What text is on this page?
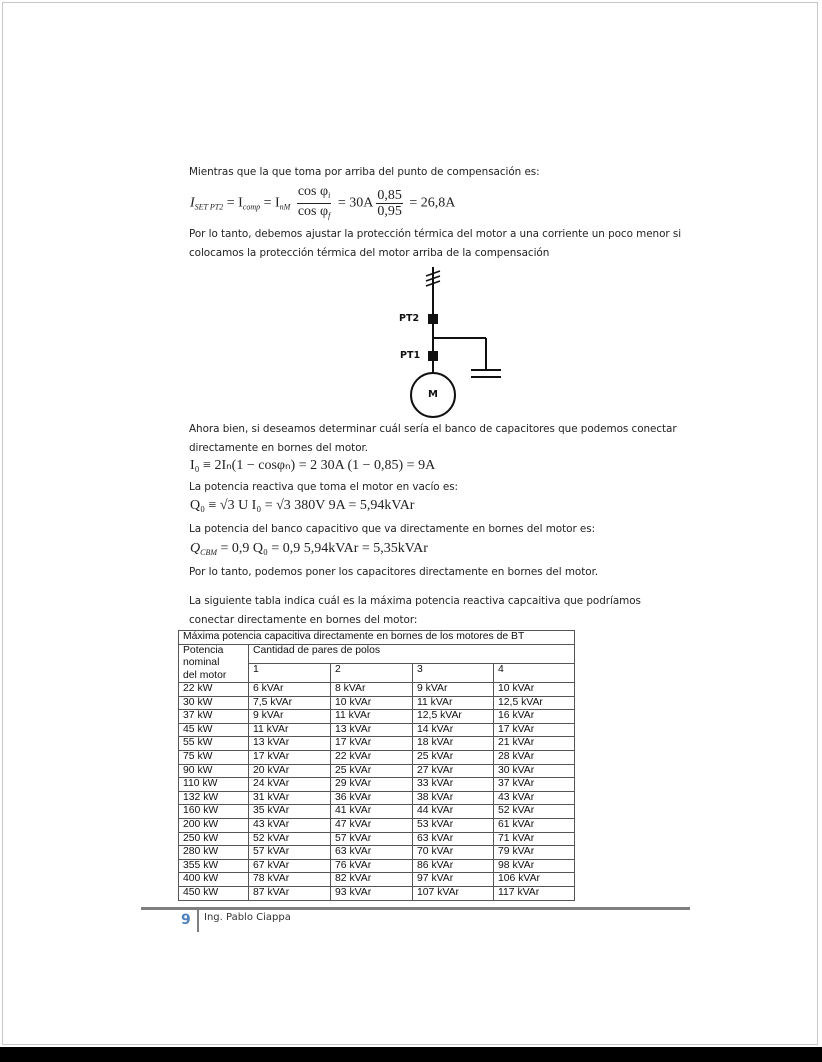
Mientras que la que toma por arriba del punto de compensación es:
$I_{SET PT2} = I_{comp} = I_{nM} \frac{\cos \varphi_i}{\cos \varphi_f} = 30A \frac{0,85}{0,95} = 26,8A$
Por lo tanto, debemos ajustar la protección térmica del motor a una corriente un poco menor si colocamos la protección térmica del motor arriba de la compensación
PT2
PT1
M
Ahora bien, si deseamos determinar cuál sería el banco de capacitores que podemos conectar directamente en bornes del motor.
I₀ ≡ 2Iₙ(1 − cosφₙ) = 2 30A (1 − 0,85) = 9A
La potencia reactiva que toma el motor en vacío es:
Q₀ ≡ √3 U I₀ = √3 380V 9A = 5,94kVAr
La potencia del banco capacitivo que va directamente en bornes del motor es:
$Q_{CBM} = 0,9$ Q₀ = 0,9 5,94kVAr = 5,35kVAr
Por lo tanto, podemos poner los capacitores directamente en bornes del motor.
La siguiente tabla indica cuál es la máxima potencia reactiva capcaitiva que podríamos conectar directamente en bornes del motor:
Máxima potencia capacitiva directamente en bornes de los motores de BT				

Potencia
nominal
del motor	Cantidad de pares de polos			
	1	2	3	4
22 kW	6 kVAr	8 kVAr	9 kVAr	10 kVAr
30 kW	7,5 kVAr	10 kVAr	11 kVAr	12,5 kVAr
37 kW	9 kVAr	11 kVAr	12,5 kVAr	16 kVAr
45 kW	11 kVAr	13 kVAr	14 kVAr	17 kVAr
55 kW	13 kVAr	17 kVAr	18 kVAr	21 kVAr
75 kW	17 kVAr	22 kVAr	25 kVAr	28 kVAr
90 kW	20 kVAr	25 kVAr	27 kVAr	30 kVAr
110 kW	24 kVAr	29 kVAr	33 kVAr	37 kVAr
132 kW	31 kVAr	36 kVAr	38 kVAr	43 kVAr
160 kW	35 kVAr	41 kVAr	44 kVAr	52 kVAr
200 kW	43 kVAr	47 kVAr	53 kVAr	61 kVAr
250 kW	52 kVAr	57 kVAr	63 kVAr	71 kVAr
280 kW	57 kVAr	63 kVAr	70 kVAr	79 kVAr
355 kW	67 kVAr	76 kVAr	86 kVAr	98 kVAr
400 kW	78 kVAr	82 kVAr	97 kVAr	106 kVAr
450 kW	87 kVAr	93 kVAr	107 kVAr	117 kVAr
9 Ing. Pablo Ciappa
